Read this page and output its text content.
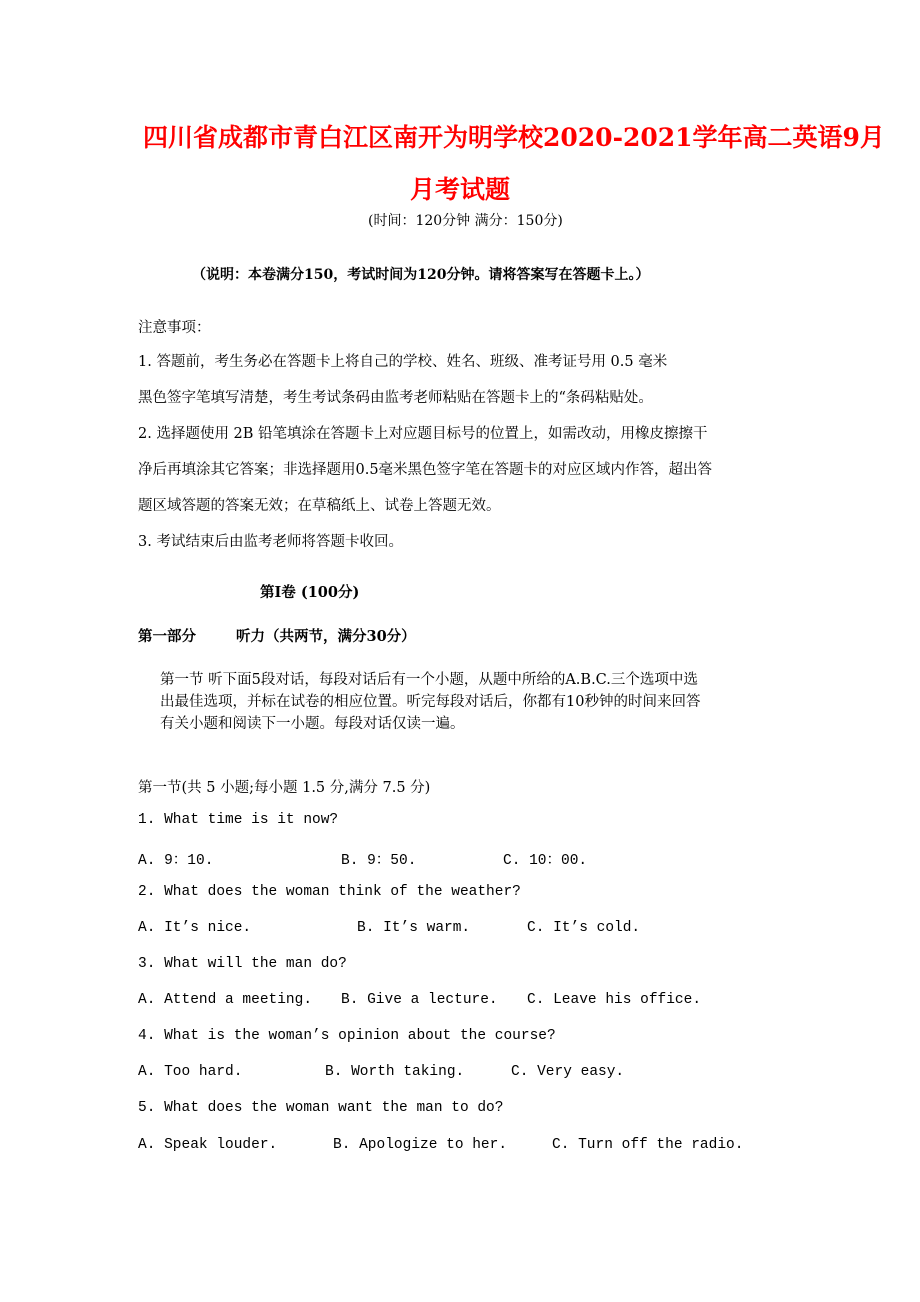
四川省成都市青白江区南开为明学校2020-2021学年高二英语9月
月考试题
(时间：120分钟 满分：150分)
（说明：本卷满分150，考试时间为120分钟。请将答案写在答题卡上。）
注意事项：
1. 答题前，考生务必在答题卡上将自己的学校、姓名、班级、准考证号用 0.5 毫米
黑色签字笔填写清楚，考生考试条码由监考老师粘贴在答题卡上的“条码粘贴处。
2. 选择题使用 2B 铅笔填涂在答题卡上对应题目标号的位置上，如需改动，用橡皮擦擦干
净后再填涂其它答案；非选择题用0.5毫米黑色签字笔在答题卡的对应区域内作答，超出答
题区域答题的答案无效；在草稿纸上、试卷上答题无效。
3. 考试结束后由监考老师将答题卡收回。
第I卷 (100分)
第一部分	听力（共两节，满分30分）
第一节 听下面5段对话，每段对话后有一个小题，从题中所给的A.B.C.三个选项中选
出最佳选项，并标在试卷的相应位置。听完每段对话后，你都有10秒钟的时间来回答
有关小题和阅读下一小题。每段对话仅读一遍。
第一节(共 5 小题;每小题 1.5 分,满分 7.5 分)
1. What time is it now?
A. 9：10.	B. 9：50.	C. 10：00.
2. What does the woman think of the weather?
A. It’s nice.	B. It’s warm.	C. It’s cold.
3. What will the man do?
A. Attend a meeting. B. Give a lecture. C. Leave his office.
4. What is the woman’s opinion about the course?
A. Too hard.	B. Worth taking.	C. Very easy.
5. What does the woman want the man to do?
A. Speak louder.	B. Apologize to her.	C. Turn off the radio.
